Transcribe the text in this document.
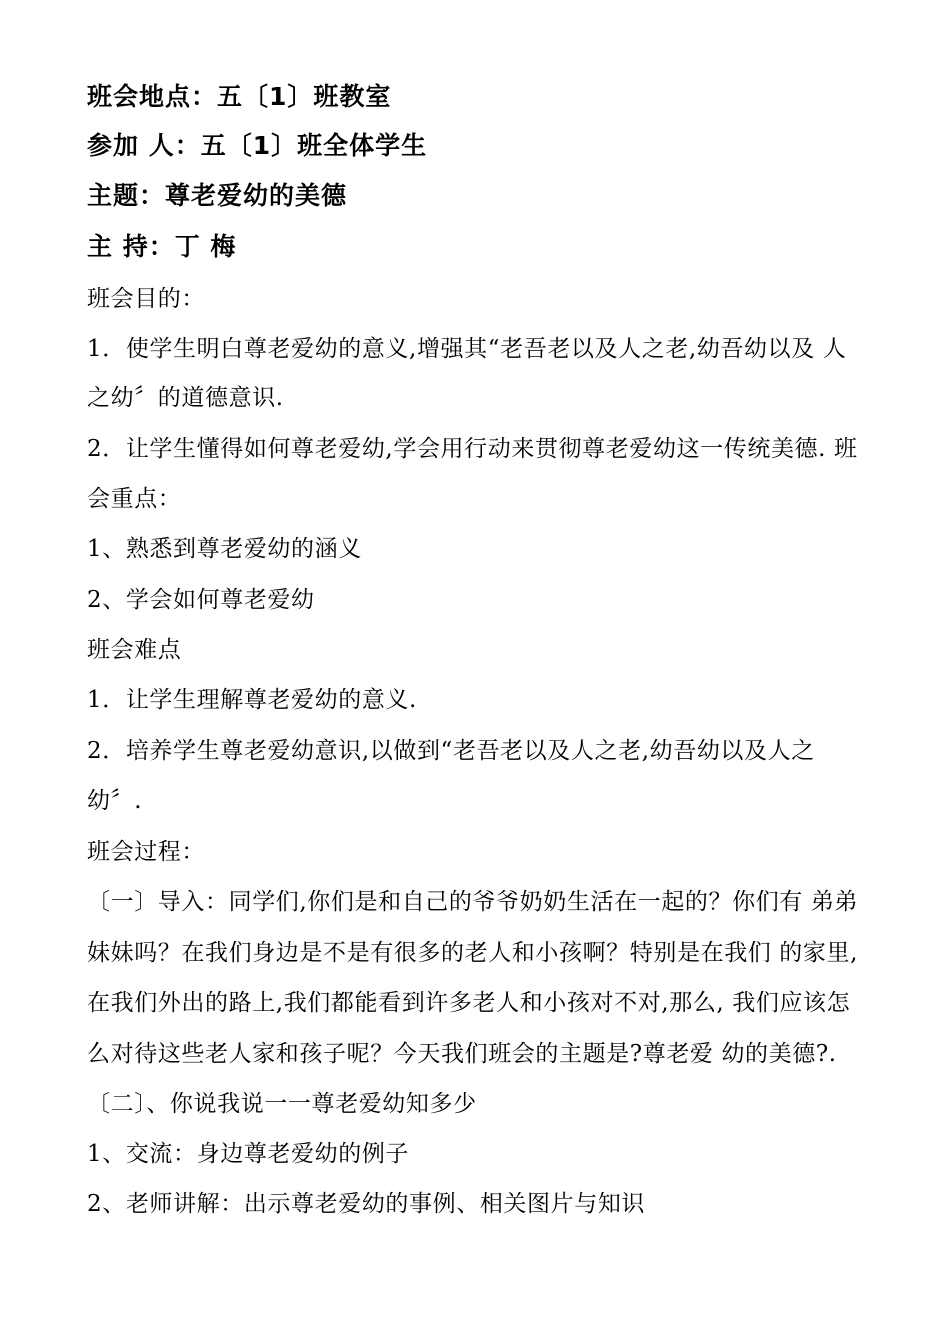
班会地点：五〔1〕班教室
参加 人：五〔1〕班全体学生
主题：尊老爱幼的美德
主 持：丁 梅
班会目的：
1．使学生明白尊老爱幼的意义,增强其“老吾老以及人之老,幼吾幼以及 人
之幼〞的道德意识.
2．让学生懂得如何尊老爱幼,学会用行动来贯彻尊老爱幼这一传统美德. 班
会重点：
1、熟悉到尊老爱幼的涵义
2、学会如何尊老爱幼
班会难点
1．让学生理解尊老爱幼的意义.
2．培养学生尊老爱幼意识,以做到“老吾老以及人之老,幼吾幼以及人之
幼〞.
班会过程：
〔一〕导入：同学们,你们是和自己的爷爷奶奶生活在一起的？你们有 弟弟
妹妹吗？在我们身边是不是有很多的老人和小孩啊？特别是在我们 的家里,
在我们外出的路上,我们都能看到许多老人和小孩对不对,那么, 我们应该怎
么对待这些老人家和孩子呢？今天我们班会的主题是?尊老爱 幼的美德?.
〔二〕、你说我说一一尊老爱幼知多少
1、交流：身边尊老爱幼的例子
2、老师讲解：出示尊老爱幼的事例、相关图片与知识
